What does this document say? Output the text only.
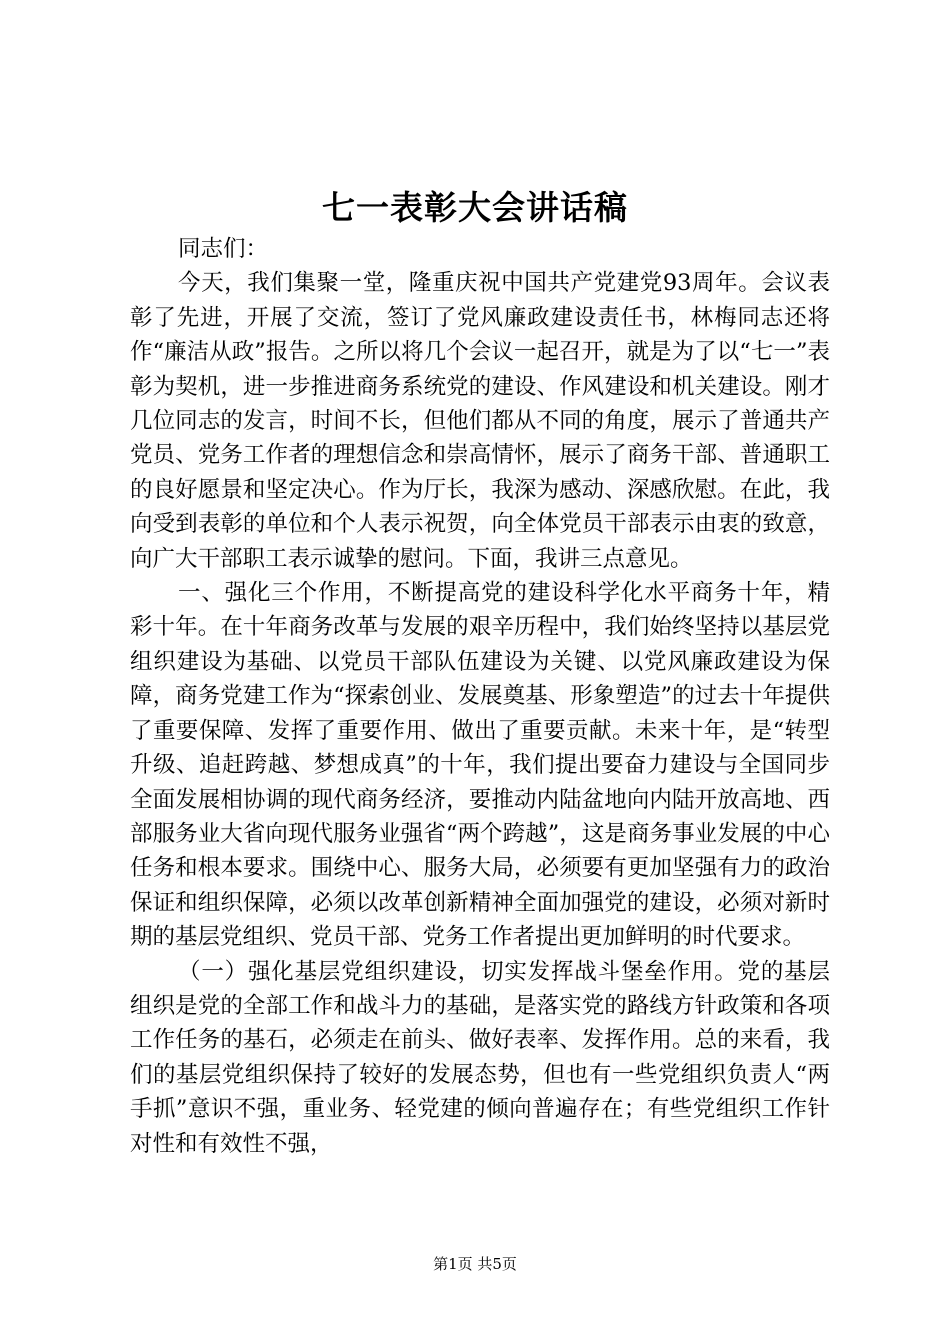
七一表彰大会讲话稿

同志们：

今天，我们集聚一堂，隆重庆祝中国共产党建党93周年。会议表彰了先进，开展了交流，签订了党风廉政建设责任书，林梅同志还将作“廉洁从政”报告。之所以将几个会议一起召开，就是为了以“七一”表彰为契机，进一步推进商务系统党的建设、作风建设和机关建设。刚才几位同志的发言，时间不长，但他们都从不同的角度，展示了普通共产党员、党务工作者的理想信念和崇高情怀，展示了商务干部、普通职工的良好愿景和坚定决心。作为厅长，我深为感动、深感欣慰。在此，我向受到表彰的单位和个人表示祝贺，向全体党员干部表示由衷的致意，向广大干部职工表示诚挚的慰问。下面，我讲三点意见。

一、强化三个作用，不断提高党的建设科学化水平商务十年，精彩十年。在十年商务改革与发展的艰辛历程中，我们始终坚持以基层党组织建设为基础、以党员干部队伍建设为关键、以党风廉政建设为保障，商务党建工作为“探索创业、发展奠基、形象塑造”的过去十年提供了重要保障、发挥了重要作用、做出了重要贡献。未来十年，是“转型升级、追赶跨越、梦想成真”的十年，我们提出要奋力建设与全国同步全面发展相协调的现代商务经济，要推动内陆盆地向内陆开放高地、西部服务业大省向现代服务业强省“两个跨越”，这是商务事业发展的中心任务和根本要求。围绕中心、服务大局，必须要有更加坚强有力的政治保证和组织保障，必须以改革创新精神全面加强党的建设，必须对新时期的基层党组织、党员干部、党务工作者提出更加鲜明的时代要求。

（一）强化基层党组织建设，切实发挥战斗堡垒作用。党的基层组织是党的全部工作和战斗力的基础，是落实党的路线方针政策和各项工作任务的基石，必须走在前头、做好表率、发挥作用。总的来看，我们的基层党组织保持了较好的发展态势，但也有一些党组织负责人“两手抓”意识不强，重业务、轻党建的倾向普遍存在；有些党组织工作针对性和有效性不强，

第1页 共5页
